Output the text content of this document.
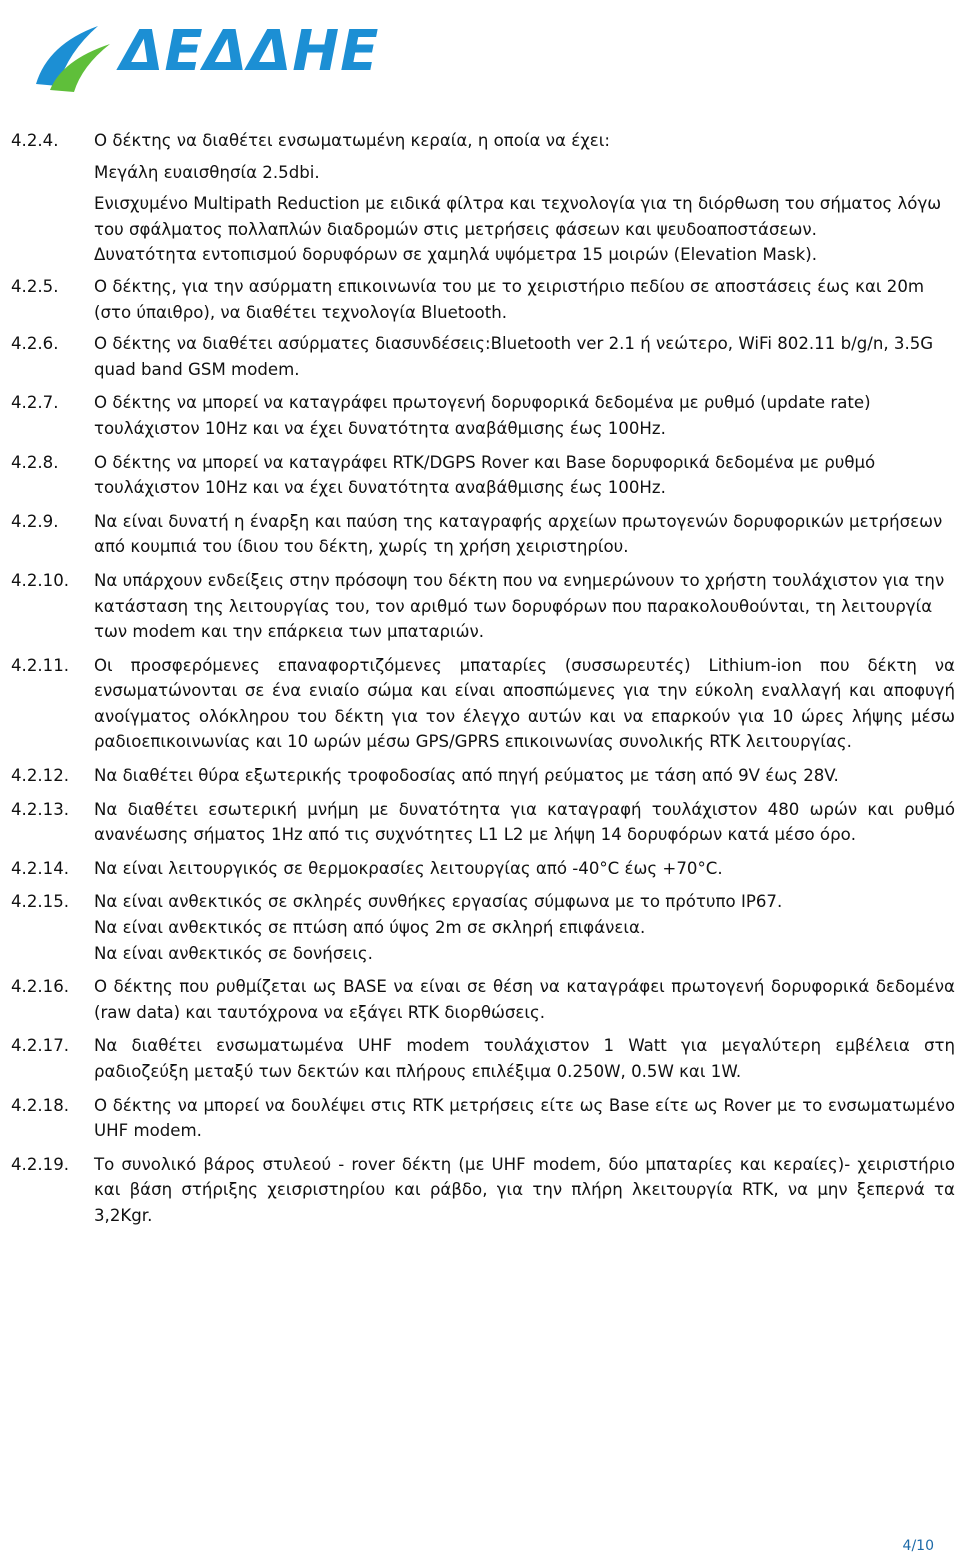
ΔΕΔΔΗΕ
4.2.4.	Ο δέκτης να διαθέτει ενσωματωμένη κεραία, η οποία να έχει:

Μεγάλη ευαισθησία 2.5dbi.

Ενισχυμένο Multipath Reduction με ειδικά φίλτρα και τεχνολογία για τη διόρθωση του σήματος λόγω του σφάλματος πολλαπλών διαδρομών στις μετρήσεις φάσεων και ψευδοαποστάσεων.

Δυνατότητα εντοπισμού δορυφόρων σε χαμηλά υψόμετρα 15 μοιρών (Elevation Mask).

4.2.5.	Ο δέκτης, για την ασύρματη επικοινωνία του με το χειριστήριο πεδίου σε αποστάσεις έως και 20m (στο ύπαιθρο), να διαθέτει τεχνολογία Bluetooth.

4.2.6.	Ο δέκτης να διαθέτει ασύρματες διασυνδέσεις:Bluetooth ver 2.1 ή νεώτερο, WiFi 802.11 b/g/n, 3.5G quad band GSM modem.

4.2.7.	Ο δέκτης να μπορεί να καταγράφει πρωτογενή δορυφορικά δεδομένα με ρυθμό (update rate) τουλάχιστον 10Hz και να έχει δυνατότητα αναβάθμισης έως 100Hz.

4.2.8.	Ο δέκτης να μπορεί να καταγράφει RTK/DGPS Rover και Base δορυφορικά δεδομένα με ρυθμό τουλάχιστον 10Hz και να έχει δυνατότητα αναβάθμισης έως 100Hz.

4.2.9.	Να είναι δυνατή η έναρξη και παύση της καταγραφής αρχείων πρωτογενών δορυφορικών μετρήσεων από κουμπιά του ίδιου του δέκτη, χωρίς τη χρήση χειριστηρίου.

4.2.10.	Να υπάρχουν ενδείξεις στην πρόσοψη του δέκτη που να ενημερώνουν το χρήστη τουλάχιστον για την κατάσταση της λειτουργίας του, τον αριθμό των δορυφόρων που παρακολουθούνται, τη λειτουργία των modem και την επάρκεια των μπαταριών.

4.2.11.	Οι προσφερόμενες επαναφορτιζόμενες μπαταρίες (συσσωρευτές) Lithium-ion που δέκτη να ενσωματώνονται σε ένα ενιαίο σώμα και είναι αποσπώμενες για την εύκολη εναλλαγή και αποφυγή ανοίγματος ολόκληρου του δέκτη για τον έλεγχο αυτών και να επαρκούν για 10 ώρες λήψης μέσω ραδιοεπικοινωνίας και 10 ωρών μέσω GPS/GPRS επικοινωνίας συνολικής RTK λειτουργίας.

4.2.12.	Να διαθέτει θύρα εξωτερικής τροφοδοσίας από πηγή ρεύματος με τάση από 9V έως 28V.

4.2.13.	Να διαθέτει εσωτερική μνήμη με δυνατότητα για καταγραφή τουλάχιστον 480 ωρών και ρυθμό ανανέωσης σήματος 1Hz από τις συχνότητες L1 L2 με λήψη 14 δορυφόρων κατά μέσο όρο.

4.2.14.	Να είναι λειτουργικός σε θερμοκρασίες λειτουργίας από -40°C έως +70°C.

4.2.15.	Να είναι ανθεκτικός σε σκληρές συνθήκες εργασίας σύμφωνα με το πρότυπο IP67.

Να είναι ανθεκτικός σε πτώση από ύψος 2m σε σκληρή επιφάνεια.

Να είναι ανθεκτικός σε δονήσεις.

4.2.16.	Ο δέκτης που ρυθμίζεται ως BASE να είναι σε θέση να καταγράφει πρωτογενή δορυφορικά δεδομένα (raw data) και ταυτόχρονα να εξάγει RTK διορθώσεις.

4.2.17.	Να διαθέτει ενσωματωμένα UHF modem τουλάχιστον 1 Watt για μεγαλύτερη εμβέλεια στη ραδιοζεύξη μεταξύ των δεκτών και πλήρους επιλέξιμα 0.250W, 0.5W και 1W.

4.2.18.	Ο δέκτης να μπορεί να δουλέψει στις RTK μετρήσεις είτε ως Base είτε ως Rover με το ενσωματωμένο UHF modem.

4.2.19.	Το συνολικό βάρος στυλεού - rover δέκτη (με UHF modem, δύο μπαταρίες και κεραίες)- χειριστήριο και βάση στήριξης χεισριστηρίου και ράβδο, για την πλήρη λκειτουργία RTK, να μην ξεπερνά τα 3,2Kgr.

4/10
